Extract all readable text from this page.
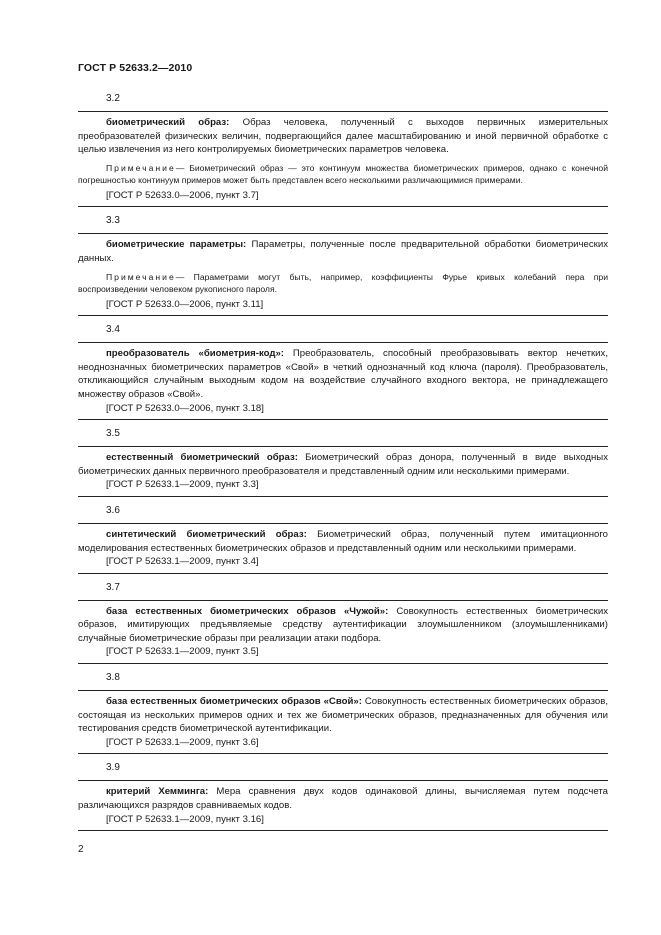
ГОСТ Р 52633.2—2010
3.2

биометрический образ: Образ человека, полученный с выходов первичных измерительных преобразователей физических величин, подвергающийся далее масштабированию и иной первичной обработке с целью извлечения из него контролируемых биометрических параметров человека.

Примечание— Биометрический образ — это континуум множества биометрических примеров, однако с конечной погрешностью континуум примеров может быть представлен всего несколькими различающимися примерами.

[ГОСТ Р 52633.0—2006, пункт 3.7]

3.3

биометрические параметры: Параметры, полученные после предварительной обработки биометрических данных.

Примечание— Параметрами могут быть, например, коэффициенты Фурье кривых колебаний пера при воспроизведении человеком рукописного пароля.

[ГОСТ Р 52633.0—2006, пункт 3.11]

3.4

преобразователь «биометрия-код»: Преобразователь, способный преобразовывать вектор нечетких, неоднозначных биометрических параметров «Свой» в четкий однозначный код ключа (пароля). Преобразователь, откликающийся случайным выходным кодом на воздействие случайного входного вектора, не принадлежащего множеству образов «Свой».

[ГОСТ Р 52633.0—2006, пункт 3.18]

3.5

естественный биометрический образ: Биометрический образ донора, полученный в виде выходных биометрических данных первичного преобразователя и представленный одним или несколькими примерами.

[ГОСТ Р 52633.1—2009, пункт 3.3]

3.6

синтетический биометрический образ: Биометрический образ, полученный путем имитационного моделирования естественных биометрических образов и представленный одним или несколькими примерами.

[ГОСТ Р 52633.1—2009, пункт 3.4]

3.7

база естественных биометрических образов «Чужой»: Совокупность естественных биометрических образов, имитирующих предъявляемые средству аутентификации злоумышленником (злоумышленниками) случайные биометрические образы при реализации атаки подбора.

[ГОСТ Р 52633.1—2009, пункт 3.5]

3.8

база естественных биометрических образов «Свой»: Совокупность естественных биометрических образов, состоящая из нескольких примеров одних и тех же биометрических образов, предназначенных для обучения или тестирования средств биометрической аутентификации.

[ГОСТ Р 52633.1—2009, пункт 3.6]

3.9

критерий Хемминга: Мера сравнения двух кодов одинаковой длины, вычисляемая путем подсчета различающихся разрядов сравниваемых кодов.

[ГОСТ Р 52633.1—2009, пункт 3.16]

2
